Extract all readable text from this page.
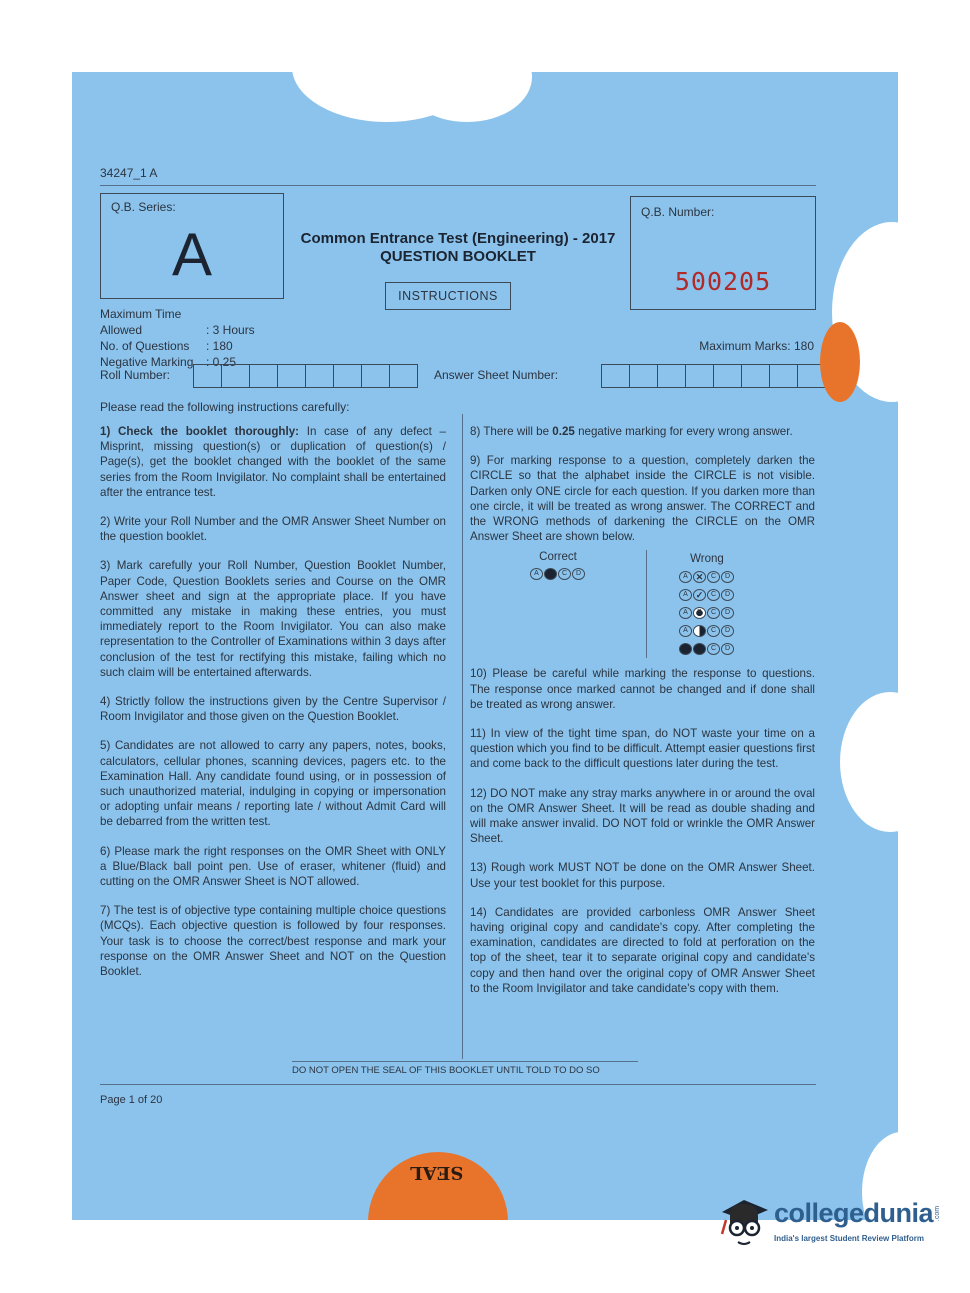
34247_1 A
Q.B. Series:
A	Common Entrance Test (Engineering) - 2017
QUESTION BOOKLET
INSTRUCTIONS
Q.B. Number:
500205
Maximum Time Allowed	: 3 Hours
No. of Questions : 180
Negative Marking : 0.25
Maximum Marks: 180
Roll Number:	Answer Sheet Number:
Please read the following instructions carefully:

1) Check the booklet thoroughly: In case of any defect – Misprint, missing question(s) or duplication of question(s) / Page(s), get the booklet changed with the booklet of the same series from the Room Invigilator. No complaint shall be entertained after the entrance test.

2) Write your Roll Number and the OMR Answer Sheet Number on the question booklet.

3) Mark carefully your Roll Number, Question Booklet Number, Paper Code, Question Booklets series and Course on the OMR Answer sheet and sign at the appropriate place. If you have committed any mistake in making these entries, you must immediately report to the Room Invigilator. You can also make representation to the Controller of Examinations within 3 days after conclusion of the test for rectifying this mistake, failing which no such claim will be entertained afterwards.

4) Strictly follow the instructions given by the Centre Supervisor / Room Invigilator and those given on the Question Booklet.

5) Candidates are not allowed to carry any papers, notes, books, calculators, cellular phones, scanning devices, pagers etc. to the Examination Hall. Any candidate found using, or in possession of such unauthorized material, indulging in copying or impersonation or adopting unfair means / reporting late / without Admit Card will be debarred from the written test.

6) Please mark the right responses on the OMR Sheet with ONLY a Blue/Black ball point pen. Use of eraser, whitener (fluid) and cutting on the OMR Answer Sheet is NOT allowed.

7) The test is of objective type containing multiple choice questions (MCQs). Each objective question is followed by four responses. Your task is to choose the correct/best response and mark your response on the OMR Answer Sheet and NOT on the Question Booklet.

8) There will be 0.25 negative marking for every wrong answer.

9) For marking response to a question, completely darken the CIRCLE so that the alphabet inside the CIRCLE is not visible. Darken only ONE circle for each question. If you darken more than one circle, it will be treated as wrong answer. The CORRECT and the WRONG methods of darkening the CIRCLE on the OMR Answer Sheet are shown below.

Correct
A B C D
Wrong
A ✕ C D
A ✓ C D
A B C D
A	C D
A B C D

10) Please be careful while marking the response to questions. The response once marked cannot be changed and if done shall be treated as wrong answer.

11) In view of the tight time span, do NOT waste your time on a question which you find to be difficult. Attempt easier questions first and come back to the difficult questions later during the test.

12) DO NOT make any stray marks anywhere in or around the oval on the OMR Answer Sheet. It will be read as double shading and will make answer invalid. DO NOT fold or wrinkle the OMR Answer Sheet.

13) Rough work MUST NOT be done on the OMR Answer Sheet. Use your test booklet for this purpose.

14) Candidates are provided carbonless OMR Answer Sheet having original copy and candidate's copy. After completing the examination, candidates are directed to fold at perforation on the top of the sheet, tear it to separate original copy and candidate's copy and then hand over the original copy of OMR Answer Sheet to the Room Invigilator and take candidate's copy with them.

DO NOT OPEN THE SEAL OF THIS BOOKLET UNTIL TOLD TO DO SO
Page 1 of 20
SEAL
collegedunia .com
India's largest Student Review Platform
